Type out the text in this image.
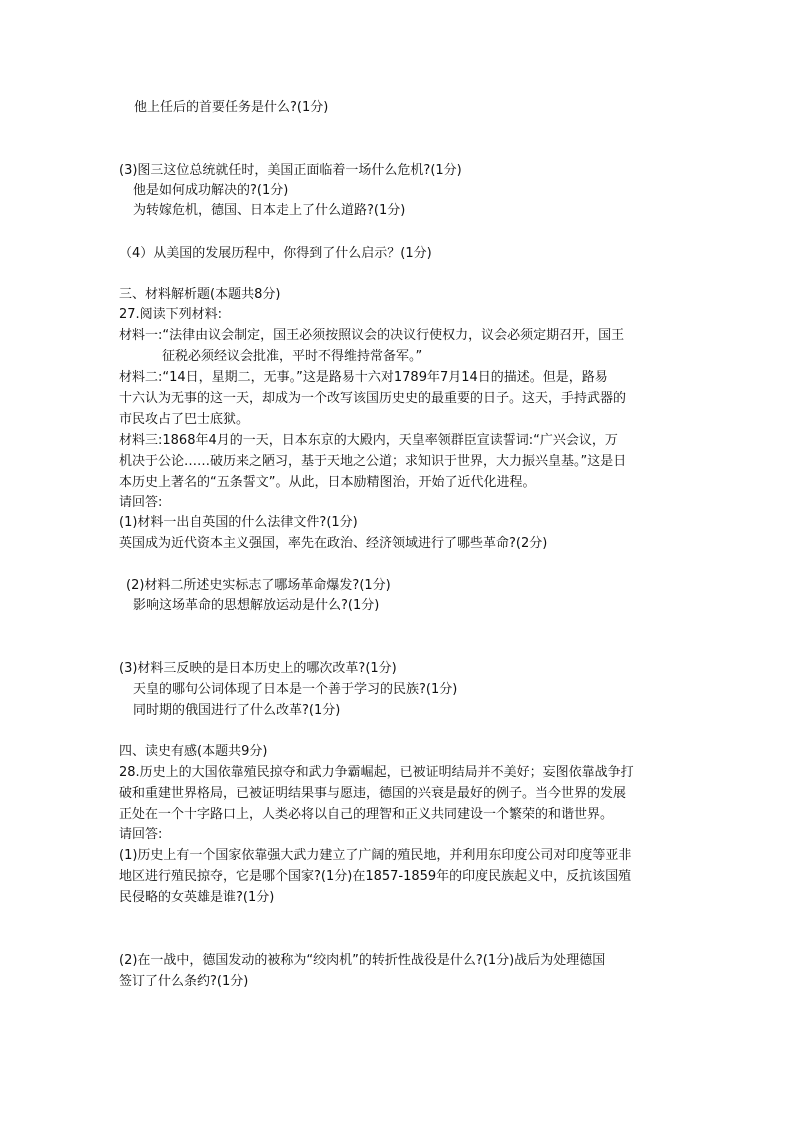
他上任后的首要任务是什么?(1分)
(3)图三这位总统就任时，美国正面临着一场什么危机?(1分)
他是如何成功解决的?(1分)
为转嫁危机，德国、日本走上了什么道路?(1分)
（4）从美国的发展历程中，你得到了什么启示？(1分)
三、材料解析题(本题共8分)
27.阅读下列材料:
材料一:“法律由议会制定，国王必须按照议会的决议行使权力，议会必须定期召开，国王
征税必须经议会批准，平时不得维持常备军。”
材料二:“14日，星期二，无事。”这是路易十六对1789年7月14日的描述。但是，路易
十六认为无事的这一天，却成为一个改写该国历史史的最重要的日子。这天，手持武器的
市民攻占了巴士底狱。
材料三:1868年4月的一天，日本东京的大殿内，天皇率领群臣宣读誓词:“广兴会议，万
机决于公论……破历来之陋习，基于天地之公道；求知识于世界，大力振兴皇基。”这是日
本历史上著名的“五条誓文”。从此，日本励精图治，开始了近代化进程。
请回答:
(1)材料一出自英国的什么法律文件?(1分)
英国成为近代资本主义强国，率先在政治、经济领域进行了哪些革命?(2分)
(2)材料二所述史实标志了哪场革命爆发?(1分)
影响这场革命的思想解放运动是什么?(1分)
(3)材料三反映的是日本历史上的哪次改革?(1分)
天皇的哪句公词体现了日本是一个善于学习的民族?(1分)
同时期的俄国进行了什么改革?(1分)
四、读史有感(本题共9分)
28.历史上的大国依靠殖民掠夺和武力争霸崛起，已被证明结局并不美好；妄图依靠战争打
破和重建世界格局，已被证明结果事与愿违，德国的兴衰是最好的例子。当今世界的发展
正处在一个十字路口上，人类必将以自己的理智和正义共同建设一个繁荣的和谐世界。
请回答:
(1)历史上有一个国家依靠强大武力建立了广阔的殖民地，并利用东印度公司对印度等亚非
地区进行殖民掠夺，它是哪个国家?(1分)在1857-1859年的印度民族起义中，反抗该国殖
民侵略的女英雄是谁?(1分)
(2)在一战中，德国发动的被称为“绞肉机”的转折性战役是什么?(1分)战后为处理德国
签订了什么条约?(1分)
